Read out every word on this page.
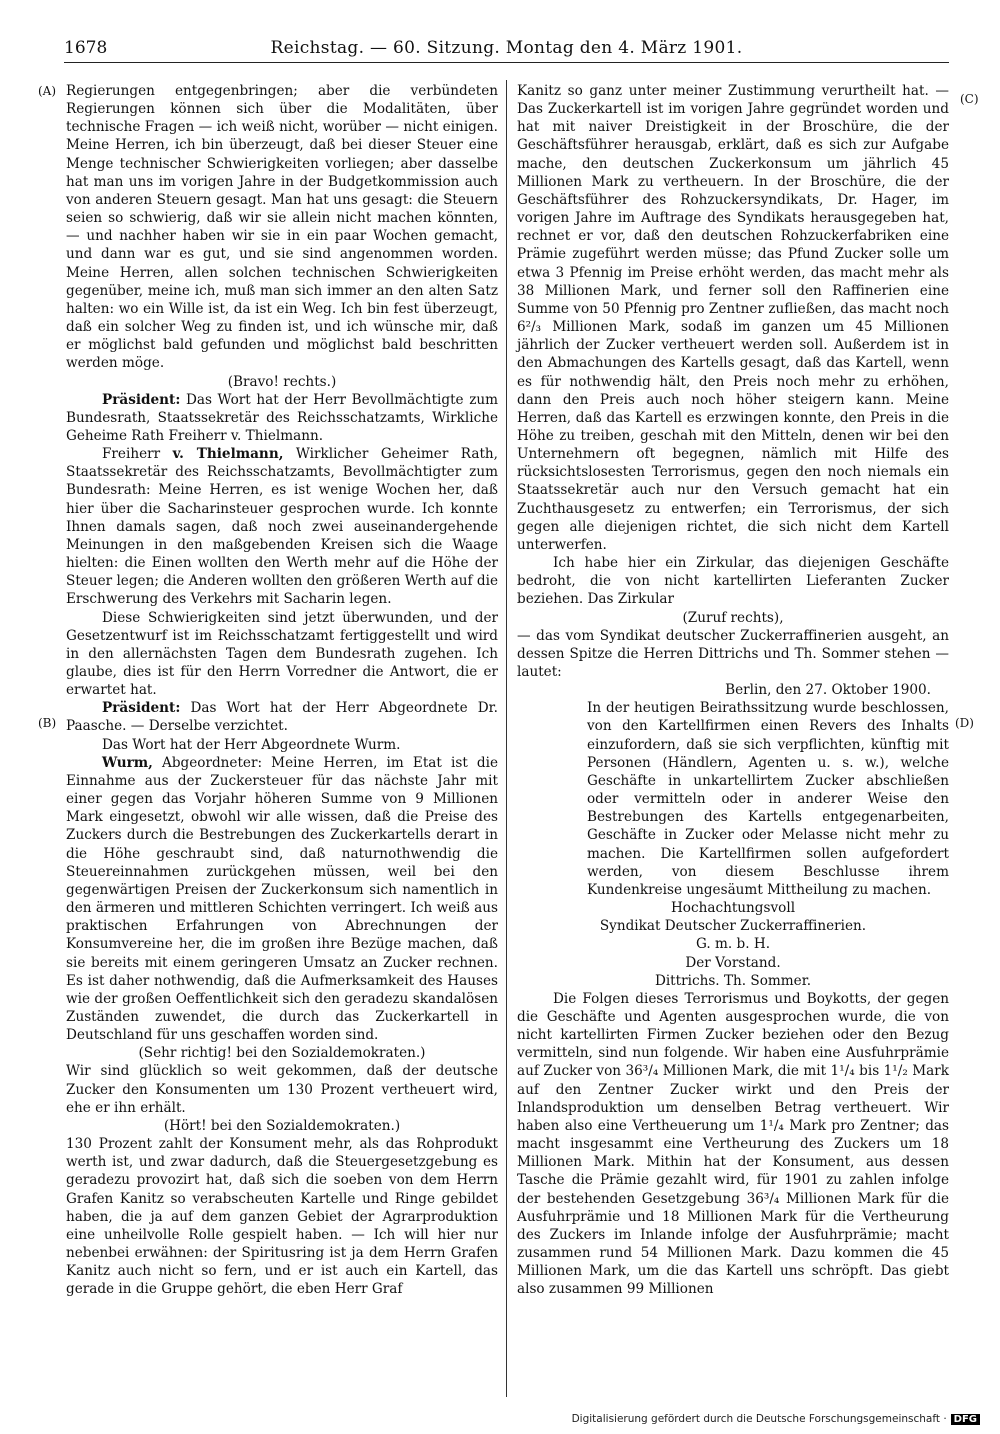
1678	Reichstag. — 60. Sitzung. Montag den 4. März 1901.
(A)
(B)
(C)
(D)

Regierungen entgegenbringen; aber die verbündeten Regierungen können sich über die Modalitäten, über technische Fragen — ich weiß nicht, worüber — nicht einigen. Meine Herren, ich bin überzeugt, daß bei dieser Steuer eine Menge technischer Schwierigkeiten vorliegen; aber dasselbe hat man uns im vorigen Jahre in der Budgetkommission auch von anderen Steuern gesagt. Man hat uns gesagt: die Steuern seien so schwierig, daß wir sie allein nicht machen könnten, — und nachher haben wir sie in ein paar Wochen gemacht, und dann war es gut, und sie sind angenommen worden. Meine Herren, allen solchen technischen Schwierigkeiten gegenüber, meine ich, muß man sich immer an den alten Satz halten: wo ein Wille ist, da ist ein Weg. Ich bin fest überzeugt, daß ein solcher Weg zu finden ist, und ich wünsche mir, daß er möglichst bald gefunden und möglichst bald beschritten werden möge.

(Bravo! rechts.)

Präsident: Das Wort hat der Herr Bevollmächtigte zum Bundesrath, Staatssekretär des Reichsschatzamts, Wirkliche Geheime Rath Freiherr v. Thielmann.

Freiherr v. Thielmann, Wirklicher Geheimer Rath, Staatssekretär des Reichsschatzamts, Bevollmächtigter zum Bundesrath: Meine Herren, es ist wenige Wochen her, daß hier über die Sacharinsteuer gesprochen wurde. Ich konnte Ihnen damals sagen, daß noch zwei auseinandergehende Meinungen in den maßgebenden Kreisen sich die Waage hielten: die Einen wollten den Werth mehr auf die Höhe der Steuer legen; die Anderen wollten den größeren Werth auf die Erschwerung des Verkehrs mit Sacharin legen.

Diese Schwierigkeiten sind jetzt überwunden, und der Gesetzentwurf ist im Reichsschatzamt fertiggestellt und wird in den allernächsten Tagen dem Bundesrath zugehen. Ich glaube, dies ist für den Herrn Vorredner die Antwort, die er erwartet hat.

Präsident: Das Wort hat der Herr Abgeordnete Dr. Paasche. — Derselbe verzichtet.

Das Wort hat der Herr Abgeordnete Wurm.

Wurm, Abgeordneter: Meine Herren, im Etat ist die Einnahme aus der Zuckersteuer für das nächste Jahr mit einer gegen das Vorjahr höheren Summe von 9 Millionen Mark eingesetzt, obwohl wir alle wissen, daß die Preise des Zuckers durch die Bestrebungen des Zuckerkartells derart in die Höhe geschraubt sind, daß naturnothwendig die Steuereinnahmen zurückgehen müssen, weil bei den gegenwärtigen Preisen der Zuckerkonsum sich namentlich in den ärmeren und mittleren Schichten verringert. Ich weiß aus praktischen Erfahrungen von Abrechnungen der Konsumvereine her, die im großen ihre Bezüge machen, daß sie bereits mit einem geringeren Umsatz an Zucker rechnen. Es ist daher nothwendig, daß die Aufmerksamkeit des Hauses wie der großen Oeffentlichkeit sich den geradezu skandalösen Zuständen zuwendet, die durch das Zuckerkartell in Deutschland für uns geschaffen worden sind.

(Sehr richtig! bei den Sozialdemokraten.)

Wir sind glücklich so weit gekommen, daß der deutsche Zucker den Konsumenten um 130 Prozent vertheuert wird, ehe er ihn erhält.

(Hört! bei den Sozialdemokraten.)

130 Prozent zahlt der Konsument mehr, als das Rohprodukt werth ist, und zwar dadurch, daß die Steuergesetzgebung es geradezu provozirt hat, daß sich die soeben von dem Herrn Grafen Kanitz so verabscheuten Kartelle und Ringe gebildet haben, die ja auf dem ganzen Gebiet der Agrarproduktion eine unheilvolle Rolle gespielt haben. — Ich will hier nur nebenbei erwähnen: der Spiritusring ist ja dem Herrn Grafen Kanitz auch nicht so fern, und er ist auch ein Kartell, das gerade in die Gruppe gehört, die eben Herr Graf

Kanitz so ganz unter meiner Zustimmung verurtheilt hat. — Das Zuckerkartell ist im vorigen Jahre gegründet worden und hat mit naiver Dreistigkeit in der Broschüre, die der Geschäftsführer herausgab, erklärt, daß es sich zur Aufgabe mache, den deutschen Zuckerkonsum um jährlich 45 Millionen Mark zu vertheuern. In der Broschüre, die der Geschäftsführer des Rohzuckersyndikats, Dr. Hager, im vorigen Jahre im Auftrage des Syndikats herausgegeben hat, rechnet er vor, daß den deutschen Rohzuckerfabriken eine Prämie zugeführt werden müsse; das Pfund Zucker solle um etwa 3 Pfennig im Preise erhöht werden, das macht mehr als 38 Millionen Mark, und ferner soll den Raffinerien eine Summe von 50 Pfennig pro Zentner zufließen, das macht noch 6²/₃ Millionen Mark, sodaß im ganzen um 45 Millionen jährlich der Zucker vertheuert werden soll. Außerdem ist in den Abmachungen des Kartells gesagt, daß das Kartell, wenn es für nothwendig hält, den Preis noch mehr zu erhöhen, dann den Preis auch noch höher steigern kann. Meine Herren, daß das Kartell es erzwingen konnte, den Preis in die Höhe zu treiben, geschah mit den Mitteln, denen wir bei den Unternehmern oft begegnen, nämlich mit Hilfe des rücksichtslosesten Terrorismus, gegen den noch niemals ein Staatssekretär auch nur den Versuch gemacht hat ein Zuchthausgesetz zu entwerfen; ein Terrorismus, der sich gegen alle diejenigen richtet, die sich nicht dem Kartell unterwerfen.

Ich habe hier ein Zirkular, das diejenigen Geschäfte bedroht, die von nicht kartellirten Lieferanten Zucker beziehen. Das Zirkular

(Zuruf rechts),

— das vom Syndikat deutscher Zuckerraffinerien ausgeht, an dessen Spitze die Herren Dittrichs und Th. Sommer stehen — lautet:

Berlin, den 27. Oktober 1900.

In der heutigen Beirathssitzung wurde beschlossen, von den Kartellfirmen einen Revers des Inhalts einzufordern, daß sie sich verpflichten, künftig mit Personen (Händlern, Agenten u. s. w.), welche Geschäfte in unkartellirtem Zucker abschließen oder vermitteln oder in anderer Weise den Bestrebungen des Kartells entgegenarbeiten, Geschäfte in Zucker oder Melasse nicht mehr zu machen. Die Kartellfirmen sollen aufgefordert werden, von diesem Beschlusse ihrem Kundenkreise ungesäumt Mittheilung zu machen.

Hochachtungsvoll

Syndikat Deutscher Zuckerraffinerien.

G. m. b. H.

Der Vorstand.

Dittrichs. Th. Sommer.

Die Folgen dieses Terrorismus und Boykotts, der gegen die Geschäfte und Agenten ausgesprochen wurde, die von nicht kartellirten Firmen Zucker beziehen oder den Bezug vermitteln, sind nun folgende. Wir haben eine Ausfuhrprämie auf Zucker von 36³/₄ Millionen Mark, die mit 1¹/₄ bis 1¹/₂ Mark auf den Zentner Zucker wirkt und den Preis der Inlandsproduktion um denselben Betrag vertheuert. Wir haben also eine Vertheuerung um 1¹/₄ Mark pro Zentner; das macht insgesammt eine Vertheurung des Zuckers um 18 Millionen Mark. Mithin hat der Konsument, aus dessen Tasche die Prämie gezahlt wird, für 1901 zu zahlen infolge der bestehenden Gesetzgebung 36³/₄ Millionen Mark für die Ausfuhrprämie und 18 Millionen Mark für die Vertheurung des Zuckers im Inlande infolge der Ausfuhrprämie; macht zusammen rund 54 Millionen Mark. Dazu kommen die 45 Millionen Mark, um die das Kartell uns schröpft. Das giebt also zusammen 99 Millionen

Digitalisierung gefördert durch die Deutsche Forschungsgemeinschaft · DFG
